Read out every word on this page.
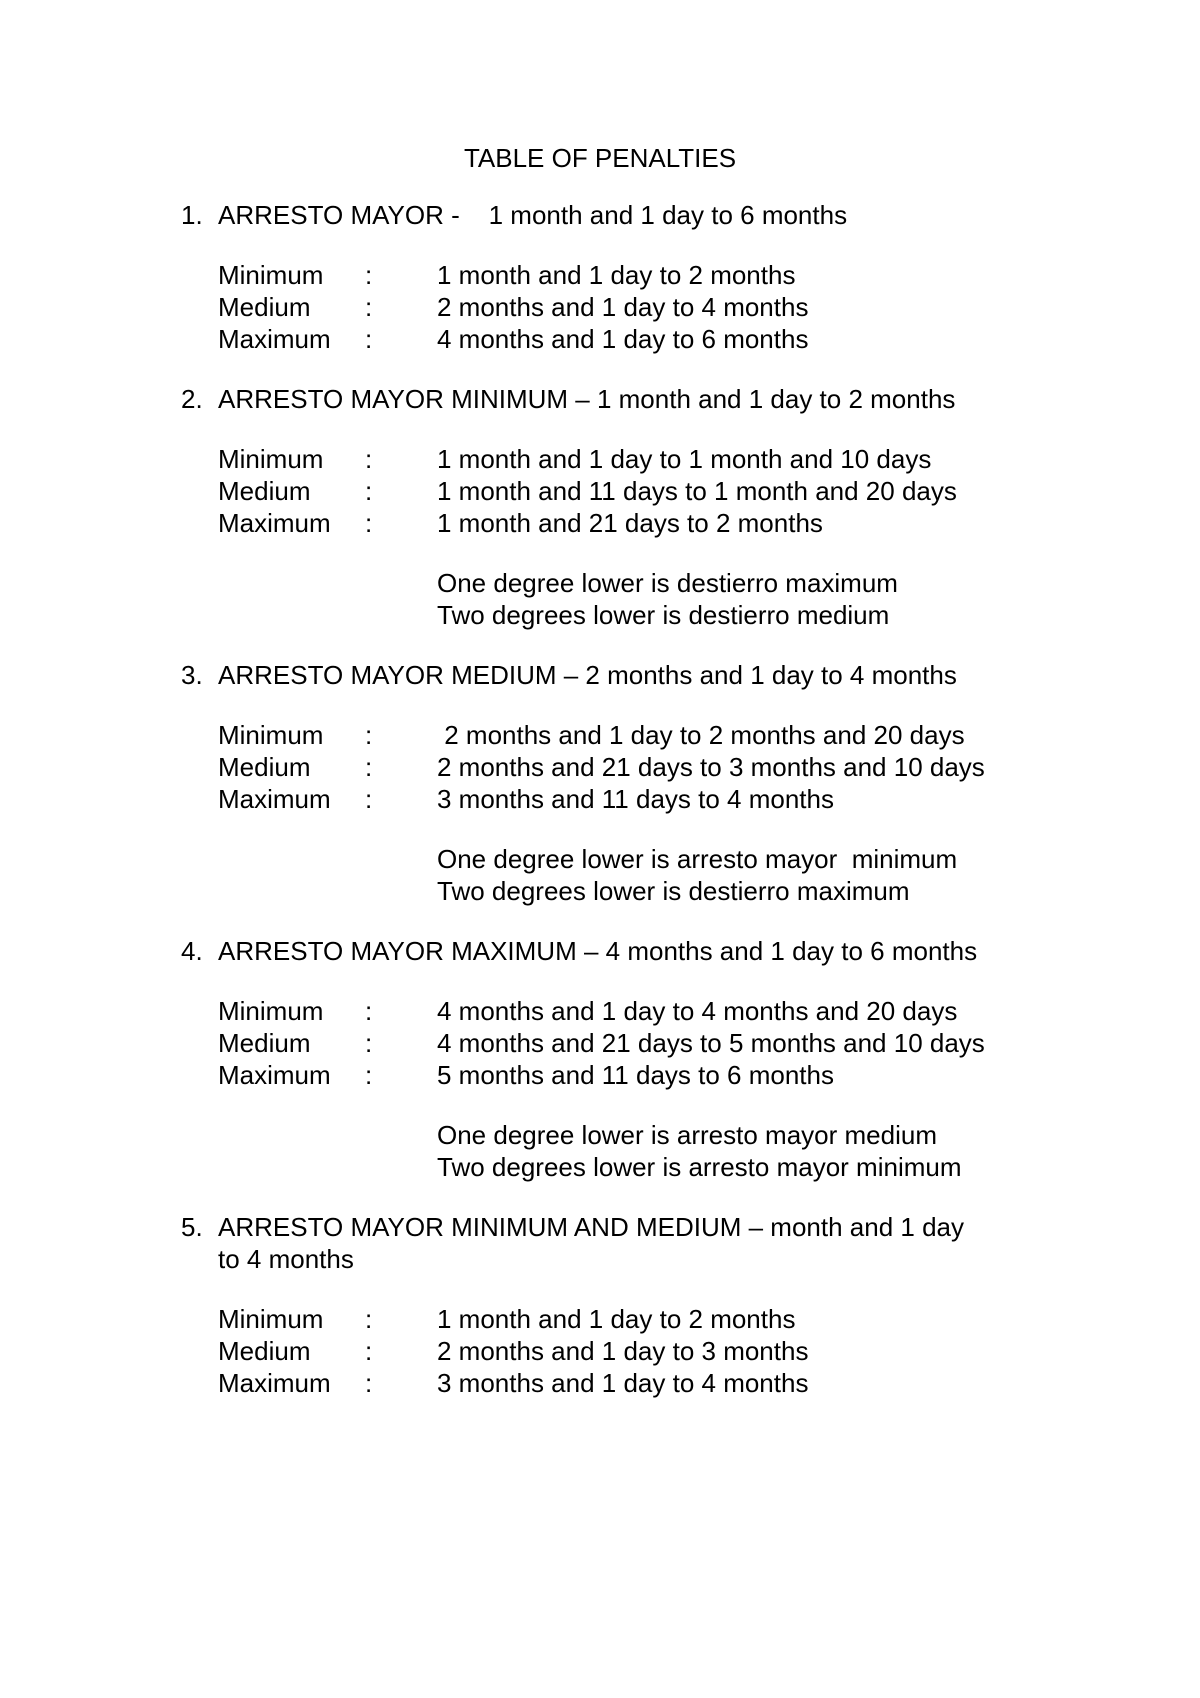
TABLE OF PENALTIES
1. ARRESTO MAYOR -    1 month and 1 day to 6 months
Minimum : 1 month and 1 day to 2 months
Medium : 2 months and 1 day to 4 months
Maximum : 4 months and 1 day to 6 months
2. ARRESTO MAYOR MINIMUM – 1 month and 1 day to 2 months
Minimum : 1 month and 1 day to 1 month and 10 days
Medium : 1 month and 11 days to 1 month and 20 days
Maximum : 1 month and 21 days to 2 months
One degree lower is destierro maximum
Two degrees lower is destierro medium
3. ARRESTO MAYOR MEDIUM – 2 months and 1 day to 4 months
Minimum : 2 months and 1 day to 2 months and 20 days
Medium : 2 months and 21 days to 3 months and 10 days
Maximum : 3 months and 11 days to 4 months
One degree lower is arresto mayor  minimum
Two degrees lower is destierro maximum
4. ARRESTO MAYOR MAXIMUM – 4 months and 1 day to 6 months
Minimum : 4 months and 1 day to 4 months and 20 days
Medium : 4 months and 21 days to 5 months and 10 days
Maximum : 5 months and 11 days to 6 months
One degree lower is arresto mayor medium
Two degrees lower is arresto mayor minimum
5. ARRESTO MAYOR MINIMUM AND MEDIUM – month and 1 day
to 4 months
Minimum : 1 month and 1 day to 2 months
Medium : 2 months and 1 day to 3 months
Maximum : 3 months and 1 day to 4 months
